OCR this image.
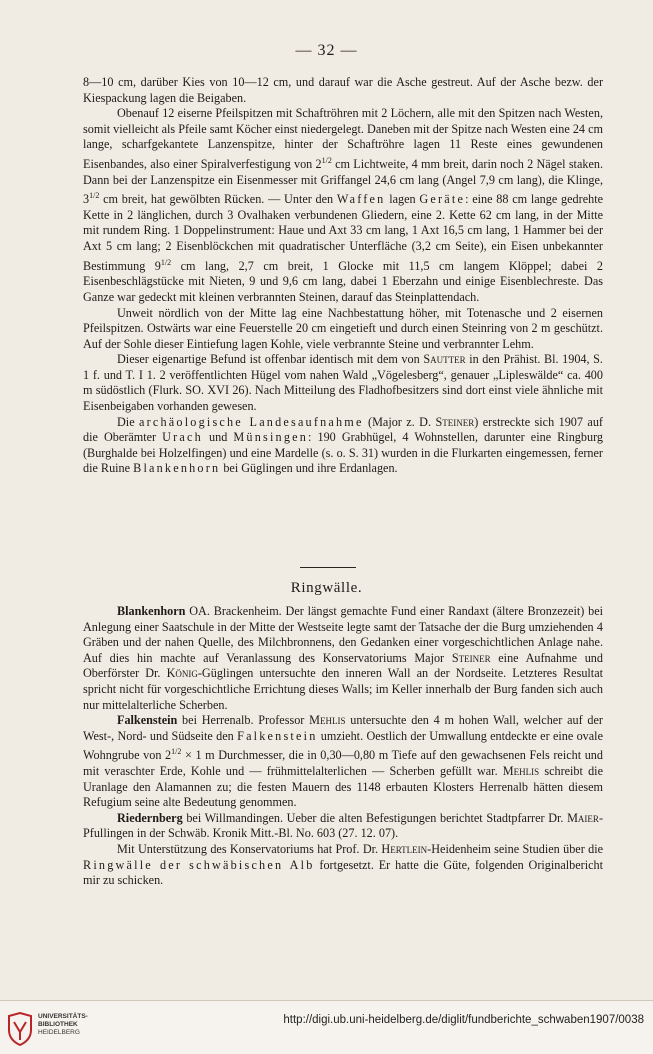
— 32 —

8—10 cm, darüber Kies von 10—12 cm, und darauf war die Asche gestreut. Auf der Asche bezw. der Kiespackung lagen die Beigaben.

Obenauf 12 eiserne Pfeilspitzen mit Schaftröhren mit 2 Löchern, alle mit den Spitzen nach Westen, somit vielleicht als Pfeile samt Köcher einst niedergelegt. Daneben mit der Spitze nach Westen eine 24 cm lange, scharfgekantete Lanzenspitze, hinter der Schaftröhre lagen 11 Reste eines gewundenen Eisenbandes, also einer Spiralverfestigung von $2^{1/2}$ cm Lichtweite, 4 mm breit, darin noch 2 Nägel staken. Dann bei der Lanzenspitze ein Eisenmesser mit Griffangel 24,6 cm lang (Angel 7,9 cm lang), die Klinge, $3^{1/2}$ cm breit, hat gewölbten Rücken. — Unter den Waffen lagen Geräte: eine 88 cm lange gedrehte Kette in 2 länglichen, durch 3 Ovalhaken verbundenen Gliedern, eine 2. Kette 62 cm lang, in der Mitte mit rundem Ring. 1 Doppelinstrument: Haue und Axt 33 cm lang, 1 Axt 16,5 cm lang, 1 Hammer bei der Axt 5 cm lang; 2 Eisenblöckchen mit quadratischer Unterfläche (3,2 cm Seite), ein Eisen unbekannter Bestimmung $9^{1/2}$ cm lang, 2,7 cm breit, 1 Glocke mit 11,5 cm langem Klöppel; dabei 2 Eisenbeschlägstücke mit Nieten, 9 und 9,6 cm lang, dabei 1 Eberzahn und einige Eisenblechreste. Das Ganze war gedeckt mit kleinen verbrannten Steinen, darauf das Steinplattendach.

Unweit nördlich von der Mitte lag eine Nachbestattung höher, mit Totenasche und 2 eisernen Pfeilspitzen. Ostwärts war eine Feuerstelle 20 cm eingetieft und durch einen Steinring von 2 m geschützt. Auf der Sohle dieser Eintiefung lagen Kohle, viele verbrannte Steine und verbrannter Lehm.

Dieser eigenartige Befund ist offenbar identisch mit dem von Sautter in den Prähist. Bl. 1904, S. 1 f. und T. I 1. 2 veröffentlichten Hügel vom nahen Wald „Vögelesberg“, genauer „Lipleswälde“ ca. 400 m südöstlich (Flurk. SO. XVI 26). Nach Mitteilung des Fladhofbesitzers sind dort einst viele ähnliche mit Eisenbeigaben vorhanden gewesen.

Die archäologische Landesaufnahme (Major z. D. Steiner) erstreckte sich 1907 auf die Oberämter Urach und Münsingen: 190 Grabhügel, 4 Wohnstellen, darunter eine Ringburg (Burghalde bei Holzelfingen) und eine Mardelle (s. o. S. 31) wurden in die Flurkarten eingemessen, ferner die Ruine Blankenhorn bei Güglingen und ihre Erdanlagen.

Ringwälle.

Blankenhorn OA. Brackenheim. Der längst gemachte Fund einer Randaxt (ältere Bronzezeit) bei Anlegung einer Saatschule in der Mitte der Westseite legte samt der Tatsache der die Burg umziehenden 4 Gräben und der nahen Quelle, des Milchbronnens, den Gedanken einer vorgeschichtlichen Anlage nahe. Auf dies hin machte auf Veranlassung des Konservatoriums Major Steiner eine Aufnahme und Oberförster Dr. König-Güglingen untersuchte den inneren Wall an der Nordseite. Letzteres Resultat spricht nicht für vorgeschichtliche Errichtung dieses Walls; im Keller innerhalb der Burg fanden sich auch nur mittelalterliche Scherben.

Falkenstein bei Herrenalb. Professor Mehlis untersuchte den 4 m hohen Wall, welcher auf der West-, Nord- und Südseite den Falkenstein umzieht. Oestlich der Umwallung entdeckte er eine ovale Wohngrube von $2^{1/2} \times 1$ m Durchmesser, die in 0,30—0,80 m Tiefe auf den gewachsenen Fels reicht und mit veraschter Erde, Kohle und — frühmittelalterlichen — Scherben gefüllt war. Mehlis schreibt die Uranlage den Alamannen zu; die festen Mauern des 1148 erbauten Klosters Herrenalb hätten diesem Refugium seine alte Bedeutung genommen.

Riedernberg bei Willmandingen. Ueber die alten Befestigungen berichtet Stadtpfarrer Dr. Maier-Pfullingen in der Schwäb. Kronik Mitt.-Bl. No. 603 (27. 12. 07).

Mit Unterstützung des Konservatoriums hat Prof. Dr. Hertlein-Heidenheim seine Studien über die Ringwälle der schwäbischen Alb fortgesetzt. Er hatte die Güte, folgenden Originalbericht mir zu schicken.

UNIVERSITÄTS-
BIBLIOTHEK
HEIDELBERG
http://digi.ub.uni-heidelberg.de/diglit/fundberichte_schwaben1907/0038
